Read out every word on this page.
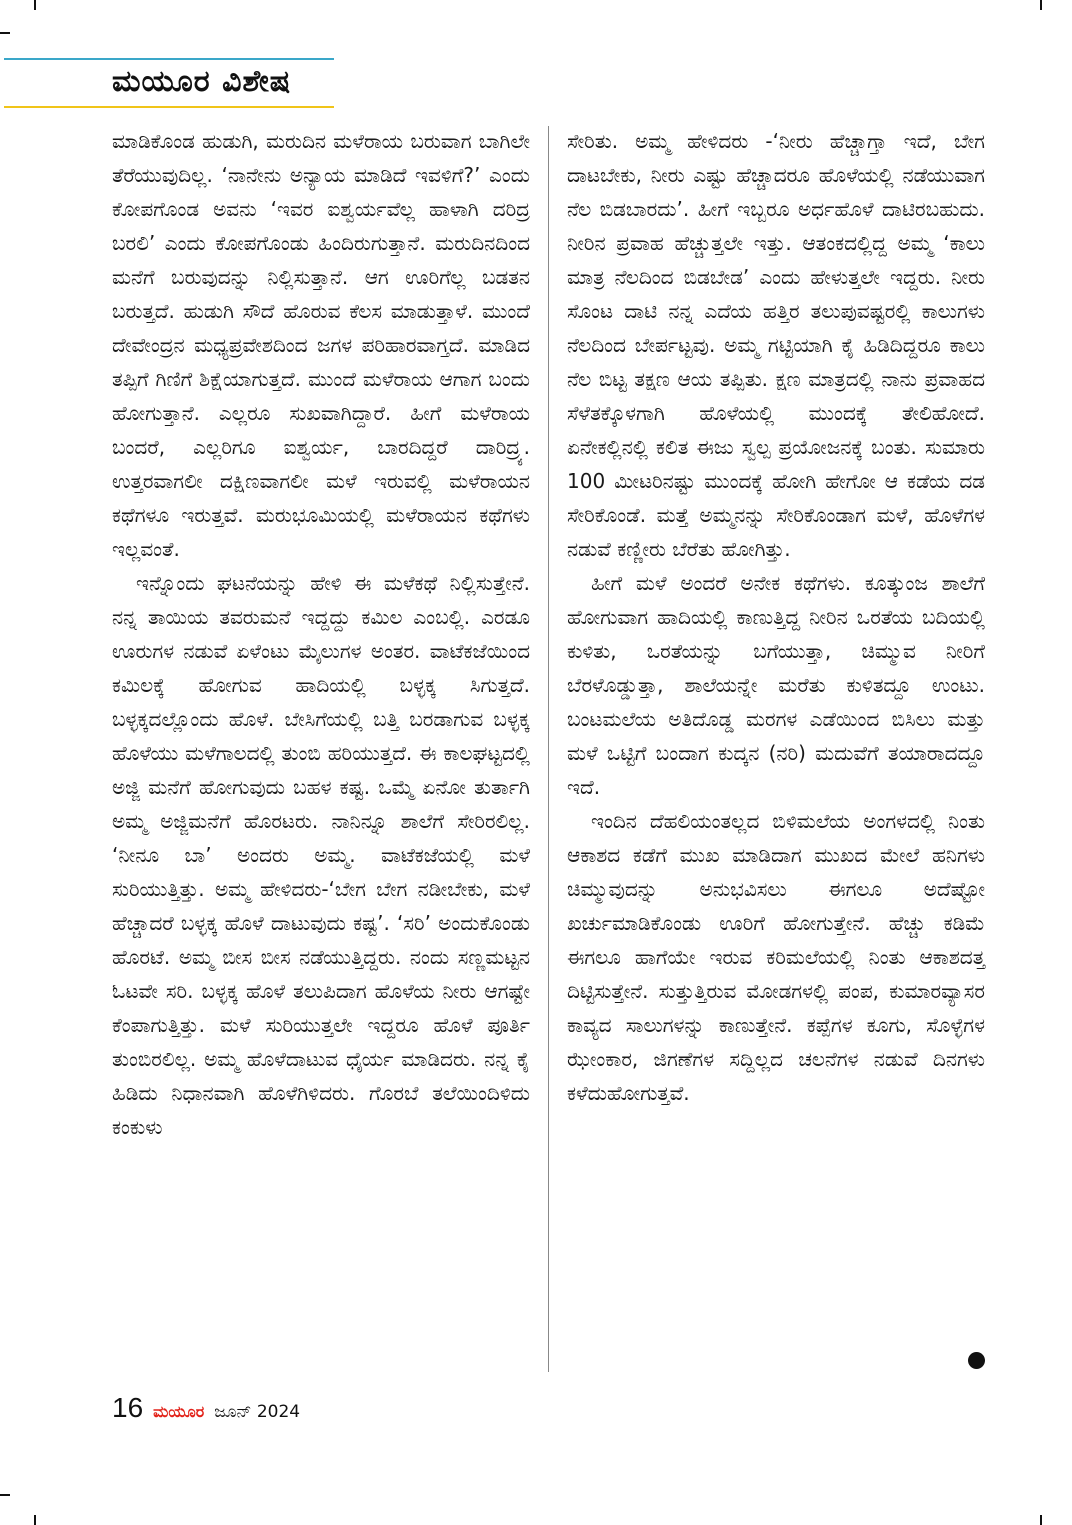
ಮಯೂರ ವಿಶೇಷ

ಮಾಡಿಕೊಂಡ ಹುಡುಗಿ, ಮರುದಿನ ಮಳೆರಾಯ ಬರುವಾಗ ಬಾಗಿಲೇ ತೆರೆಯುವುದಿಲ್ಲ. ‘ನಾನೇನು ಅನ್ಯಾಯ ಮಾಡಿದೆ ಇವಳಿಗೆ?’ ಎಂದು ಕೋಪಗೊಂಡ ಅವನು ‘ಇವರ ಐಶ್ವರ್ಯವೆಲ್ಲ ಹಾಳಾಗಿ ದರಿದ್ರ ಬರಲಿ’ ಎಂದು ಕೋಪಗೊಂಡು ಹಿಂದಿರುಗುತ್ತಾನೆ. ಮರುದಿನದಿಂದ ಮನೆಗೆ ಬರುವುದನ್ನು ನಿಲ್ಲಿಸುತ್ತಾನೆ. ಆಗ ಊರಿಗೆಲ್ಲ ಬಡತನ ಬರುತ್ತದೆ. ಹುಡುಗಿ ಸೌದೆ ಹೊರುವ ಕೆಲಸ ಮಾಡುತ್ತಾಳೆ. ಮುಂದೆ ದೇವೇಂದ್ರನ ಮಧ್ಯಪ್ರವೇಶದಿಂದ ಜಗಳ ಪರಿಹಾರವಾಗ್ತದೆ. ಮಾಡಿದ ತಪ್ಪಿಗೆ ಗಿಣಿಗೆ ಶಿಕ್ಷೆಯಾಗುತ್ತದೆ. ಮುಂದೆ ಮಳೆರಾಯ ಆಗಾಗ ಬಂದು ಹೋಗುತ್ತಾನೆ. ಎಲ್ಲರೂ ಸುಖವಾಗಿದ್ದಾರೆ. ಹೀಗೆ ಮಳೆರಾಯ ಬಂದರೆ, ಎಲ್ಲರಿಗೂ ಐಶ್ವರ್ಯ, ಬಾರದಿದ್ದರೆ ದಾರಿದ್ರ್ಯ. ಉತ್ತರವಾಗಲೀ ದಕ್ಷಿಣವಾಗಲೀ ಮಳೆ ಇರುವಲ್ಲಿ ಮಳೆರಾಯನ ಕಥೆಗಳೂ ಇರುತ್ತವೆ. ಮರುಭೂಮಿಯಲ್ಲಿ ಮಳೆರಾಯನ ಕಥೆಗಳು ಇಲ್ಲವಂತೆ.

ಇನ್ನೊಂದು ಘಟನೆಯನ್ನು ಹೇಳಿ ಈ ಮಳೆಕಥೆ ನಿಲ್ಲಿಸುತ್ತೇನೆ. ನನ್ನ ತಾಯಿಯ ತವರುಮನೆ ಇದ್ದದ್ದು ಕಮಿಲ ಎಂಬಲ್ಲಿ. ಎರಡೂ ಊರುಗಳ ನಡುವೆ ಏಳೆಂಟು ಮೈಲುಗಳ ಅಂತರ. ವಾಟೆಕಜೆಯಿಂದ ಕಮಿಲಕ್ಕೆ ಹೋಗುವ ಹಾದಿಯಲ್ಲಿ ಬಳ್ಳಕ್ಕ ಸಿಗುತ್ತದೆ. ಬಳ್ಳಕ್ಕದಲ್ಲೊಂದು ಹೊಳೆ. ಬೇಸಿಗೆಯಲ್ಲಿ ಬತ್ತಿ ಬರಡಾಗುವ ಬಳ್ಳಕ್ಕ ಹೊಳೆಯು ಮಳೆಗಾಲದಲ್ಲಿ ತುಂಬಿ ಹರಿಯುತ್ತದೆ. ಈ ಕಾಲಘಟ್ಟದಲ್ಲಿ ಅಜ್ಜಿ ಮನೆಗೆ ಹೋಗುವುದು ಬಹಳ ಕಷ್ಟ. ಒಮ್ಮೆ ಏನೋ ತುರ್ತಾಗಿ ಅಮ್ಮ ಅಜ್ಜಿಮನೆಗೆ ಹೊರಟರು. ನಾನಿನ್ನೂ ಶಾಲೆಗೆ ಸೇರಿರಲಿಲ್ಲ. ‘ನೀನೂ ಬಾ’ ಅಂದರು ಅಮ್ಮ. ವಾಟೆಕಜೆಯಲ್ಲಿ ಮಳೆ ಸುರಿಯುತ್ತಿತ್ತು. ಅಮ್ಮ ಹೇಳಿದರು-‘ಬೇಗ ಬೇಗ ನಡೀಬೇಕು, ಮಳೆ ಹೆಚ್ಚಾದರೆ ಬಳ್ಳಕ್ಕ ಹೊಳೆ ದಾಟುವುದು ಕಷ್ಟ’. ‘ಸರಿ’ ಅಂದುಕೊಂಡು ಹೊರಟೆ. ಅಮ್ಮ ಬೀಸ ಬೀಸ ನಡೆಯುತ್ತಿದ್ದರು. ನಂದು ಸಣ್ಣಮಟ್ಟನ ಓಟವೇ ಸರಿ. ಬಳ್ಳಕ್ಕ ಹೊಳೆ ತಲುಪಿದಾಗ ಹೊಳೆಯ ನೀರು ಆಗಷ್ಟೇ ಕೆಂಪಾಗುತ್ತಿತ್ತು. ಮಳೆ ಸುರಿಯುತ್ತಲೇ ಇದ್ದರೂ ಹೊಳೆ ಪೂರ್ತಿ ತುಂಬಿರಲಿಲ್ಲ. ಅಮ್ಮ ಹೊಳೆದಾಟುವ ಧೈರ್ಯ ಮಾಡಿದರು. ನನ್ನ ಕೈ ಹಿಡಿದು ನಿಧಾನವಾಗಿ ಹೊಳೆಗಿಳಿದರು. ಗೊರಬೆ ತಲೆಯಿಂದಿಳಿದು ಕಂಕುಳು

ಸೇರಿತು. ಅಮ್ಮ ಹೇಳಿದರು -‘ನೀರು ಹೆಚ್ಚಾಗ್ತಾ ಇದೆ, ಬೇಗ ದಾಟಬೇಕು, ನೀರು ಎಷ್ಟು ಹೆಚ್ಚಾದರೂ ಹೊಳೆಯಲ್ಲಿ ನಡೆಯುವಾಗ ನೆಲ ಬಿಡಬಾರದು’. ಹೀಗೆ ಇಬ್ಬರೂ ಅರ್ಧಹೊಳೆ ದಾಟಿರಬಹುದು. ನೀರಿನ ಪ್ರವಾಹ ಹೆಚ್ಚುತ್ತಲೇ ಇತ್ತು. ಆತಂಕದಲ್ಲಿದ್ದ ಅಮ್ಮ ‘ಕಾಲು ಮಾತ್ರ ನೆಲದಿಂದ ಬಿಡಬೇಡ’ ಎಂದು ಹೇಳುತ್ತಲೇ ಇದ್ದರು. ನೀರು ಸೊಂಟ ದಾಟಿ ನನ್ನ ಎದೆಯ ಹತ್ತಿರ ತಲುಪುವಷ್ಟರಲ್ಲಿ ಕಾಲುಗಳು ನೆಲದಿಂದ ಬೇರ್ಪಟ್ಟವು. ಅಮ್ಮ ಗಟ್ಟಿಯಾಗಿ ಕೈ ಹಿಡಿದಿದ್ದರೂ ಕಾಲು ನೆಲ ಬಿಟ್ಟ ತಕ್ಷಣ ಆಯ ತಪ್ಪಿತು. ಕ್ಷಣ ಮಾತ್ರದಲ್ಲಿ ನಾನು ಪ್ರವಾಹದ ಸೆಳೆತಕ್ಕೊಳಗಾಗಿ ಹೊಳೆಯಲ್ಲಿ ಮುಂದಕ್ಕೆ ತೇಲಿಹೋದೆ. ಏನೇಕಲ್ಲಿನಲ್ಲಿ ಕಲಿತ ಈಜು ಸ್ವಲ್ಪ ಪ್ರಯೋಜನಕ್ಕೆ ಬಂತು. ಸುಮಾರು 100 ಮೀಟರಿನಷ್ಟು ಮುಂದಕ್ಕೆ ಹೋಗಿ ಹೇಗೋ ಆ ಕಡೆಯ ದಡ ಸೇರಿಕೊಂಡೆ. ಮತ್ತೆ ಅಮ್ಮನನ್ನು ಸೇರಿಕೊಂಡಾಗ ಮಳೆ, ಹೊಳೆಗಳ ನಡುವೆ ಕಣ್ಣೀರು ಬೆರೆತು ಹೋಗಿತ್ತು.

ಹೀಗೆ ಮಳೆ ಅಂದರೆ ಅನೇಕ ಕಥೆಗಳು. ಕೂತ್ಕುಂಜ ಶಾಲೆಗೆ ಹೋಗುವಾಗ ಹಾದಿಯಲ್ಲಿ ಕಾಣುತ್ತಿದ್ದ ನೀರಿನ ಒರತೆಯ ಬದಿಯಲ್ಲಿ ಕುಳಿತು, ಒರತೆಯನ್ನು ಬಗೆಯುತ್ತಾ, ಚಿಮ್ಮುವ ನೀರಿಗೆ ಬೆರಳೊಡ್ಡುತ್ತಾ, ಶಾಲೆಯನ್ನೇ ಮರೆತು ಕುಳಿತದ್ದೂ ಉಂಟು. ಬಂಟಮಲೆಯ ಅತಿದೊಡ್ಡ ಮರಗಳ ಎಡೆಯಿಂದ ಬಿಸಿಲು ಮತ್ತು ಮಳೆ ಒಟ್ಟಿಗೆ ಬಂದಾಗ ಕುದ್ಕನ (ನರಿ) ಮದುವೆಗೆ ತಯಾರಾದದ್ದೂ ಇದೆ.

ಇಂದಿನ ದೆಹಲಿಯಂತಲ್ಲದ ಬಿಳಿಮಲೆಯ ಅಂಗಳದಲ್ಲಿ ನಿಂತು ಆಕಾಶದ ಕಡೆಗೆ ಮುಖ ಮಾಡಿದಾಗ ಮುಖದ ಮೇಲೆ ಹನಿಗಳು ಚಿಮ್ಮುವುದನ್ನು ಅನುಭವಿಸಲು ಈಗಲೂ ಅದೆಷ್ಟೋ ಖರ್ಚುಮಾಡಿಕೊಂಡು ಊರಿಗೆ ಹೋಗುತ್ತೇನೆ. ಹೆಚ್ಚು ಕಡಿಮೆ ಈಗಲೂ ಹಾಗೆಯೇ ಇರುವ ಕರಿಮಲೆಯಲ್ಲಿ ನಿಂತು ಆಕಾಶದತ್ತ ದಿಟ್ಟಿಸುತ್ತೇನೆ. ಸುತ್ತುತ್ತಿರುವ ಮೋಡಗಳಲ್ಲಿ ಪಂಪ, ಕುಮಾರವ್ಯಾಸರ ಕಾವ್ಯದ ಸಾಲುಗಳನ್ನು ಕಾಣುತ್ತೇನೆ. ಕಪ್ಪೆಗಳ ಕೂಗು, ಸೊಳ್ಳೆಗಳ ಝೇಂಕಾರ, ಜಿಗಣೆಗಳ ಸದ್ದಿಲ್ಲದ ಚಲನೆಗಳ ನಡುವೆ ದಿನಗಳು ಕಳೆದುಹೋಗುತ್ತವೆ.

16 ಮಯೂರ ಜೂನ್ 2024
